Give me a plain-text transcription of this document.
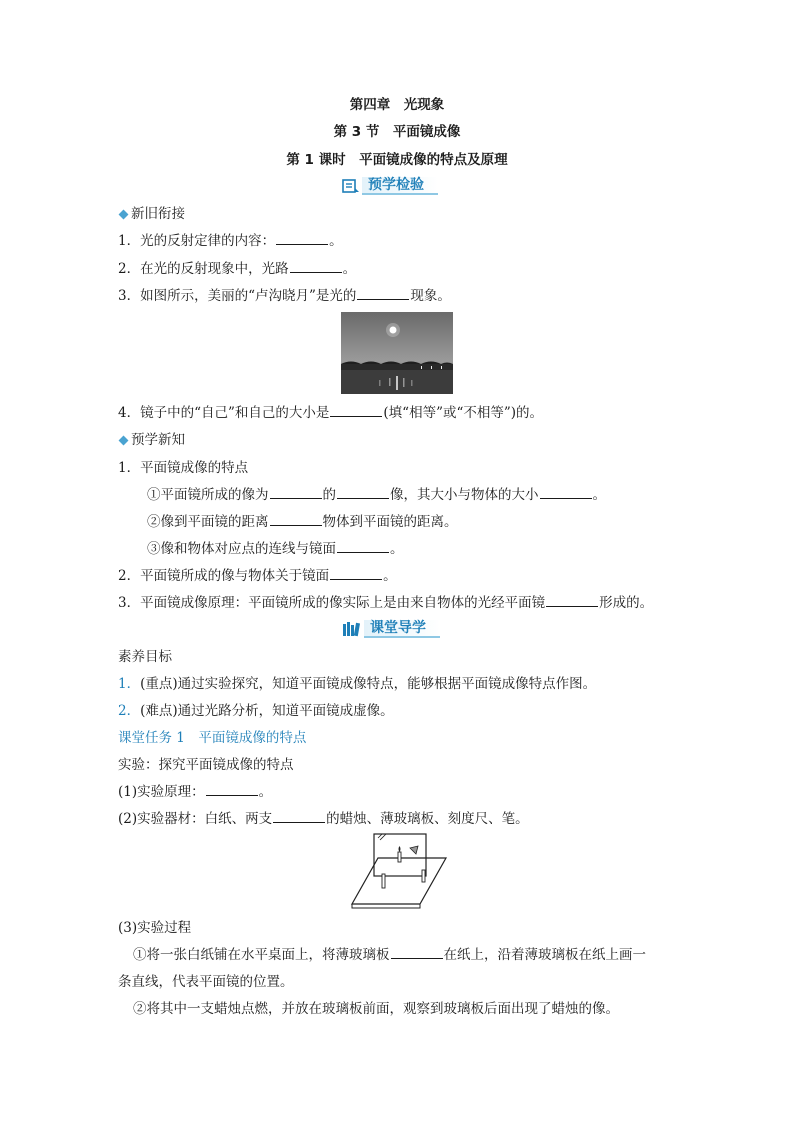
第四章　光现象
第 3 节　平面镜成像
第 1 课时　平面镜成像的特点及原理
预学检验
新旧衔接
1．光的反射定律的内容：	。
2．在光的反射现象中，光路	。
3．如图所示，美丽的“卢沟晓月”是光的	现象。
4．镜子中的“自己”和自己的大小是	(填“相等”或“不相等”)的。
预学新知
1．平面镜成像的特点
①平面镜所成的像为	的	像，其大小与物体的大小	。
②像到平面镜的距离	物体到平面镜的距离。
③像和物体对应点的连线与镜面	。
2．平面镜所成的像与物体关于镜面	。
3．平面镜成像原理：平面镜所成的像实际上是由来自物体的光经平面镜	形成的。
课堂导学
素养目标
1．(重点)通过实验探究，知道平面镜成像特点，能够根据平面镜成像特点作图。
2．(难点)通过光路分析，知道平面镜成虚像。
课堂任务 1　平面镜成像的特点
实验：探究平面镜成像的特点
(1)实验原理：	。
(2)实验器材：白纸、两支	的蜡烛、薄玻璃板、刻度尺、笔。
(3)实验过程
①将一张白纸铺在水平桌面上，将薄玻璃板	在纸上，沿着薄玻璃板在纸上画一
条直线，代表平面镜的位置。
②将其中一支蜡烛点燃，并放在玻璃板前面，观察到玻璃板后面出现了蜡烛的像。
